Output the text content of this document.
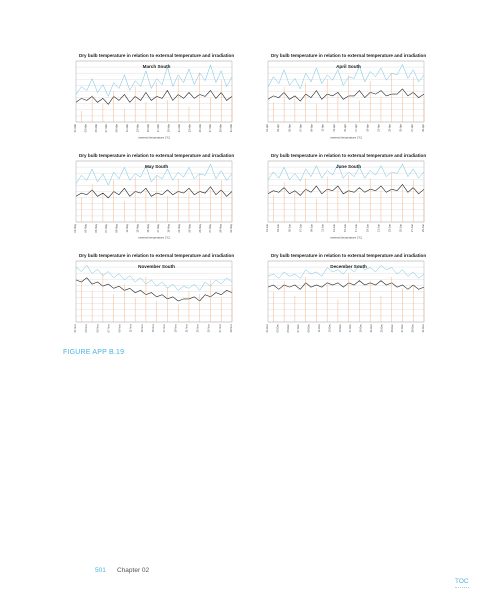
01-Mar	03-Mar	05-Mar	07-Mar	09-Mar	11-Mar	13-Mar	15-Mar	17-Mar	19-Mar	21-Mar	23-Mar	25-Mar	27-Mar	29-Mar	31-Mar
external temperature [°C]

Dry bulb temperature in relation to external temperature and irradiation

March South

01-Apr	03-Apr	05-Apr	07-Apr	09-Apr	11-Apr	13-Apr	15-Apr	17-Apr	19-Apr	21-Apr	23-Apr	25-Apr	27-Apr	29-Apr
external temperature [°C]

Dry bulb temperature in relation to external temperature and irradiation

April South

01-May	03-May	05-May	07-May	09-May	11-May	13-May	15-May	17-May	19-May	21-May	23-May	25-May	27-May	29-May	31-May
external temperature [°C]

Dry bulb temperature in relation to external temperature and irradiation

May South

01-Jun	03-Jun	05-Jun	07-Jun	09-Jun	11-Jun	13-Jun	15-Jun	17-Jun	19-Jun	21-Jun	23-Jun	25-Jun	27-Jun	29-Jun
external temperature [°C]

Dry bulb temperature in relation to external temperature and irradiation

June South

01-Nov	03-Nov	05-Nov	07-Nov	09-Nov	11-Nov	13-Nov	15-Nov	17-Nov	19-Nov	21-Nov	23-Nov	25-Nov	27-Nov	29-Nov

Dry bulb temperature in relation to external temperature and irradiation

November South

01-Dec	03-Dec	05-Dec	07-Dec	09-Dec	11-Dec	13-Dec	15-Dec	17-Dec	19-Dec	21-Dec	23-Dec	25-Dec	27-Dec	29-Dec	31-Dec

Dry bulb temperature in relation to external temperature and irradiation

December South

FIGURE APP B.19
501 Chapter 02
TOC
